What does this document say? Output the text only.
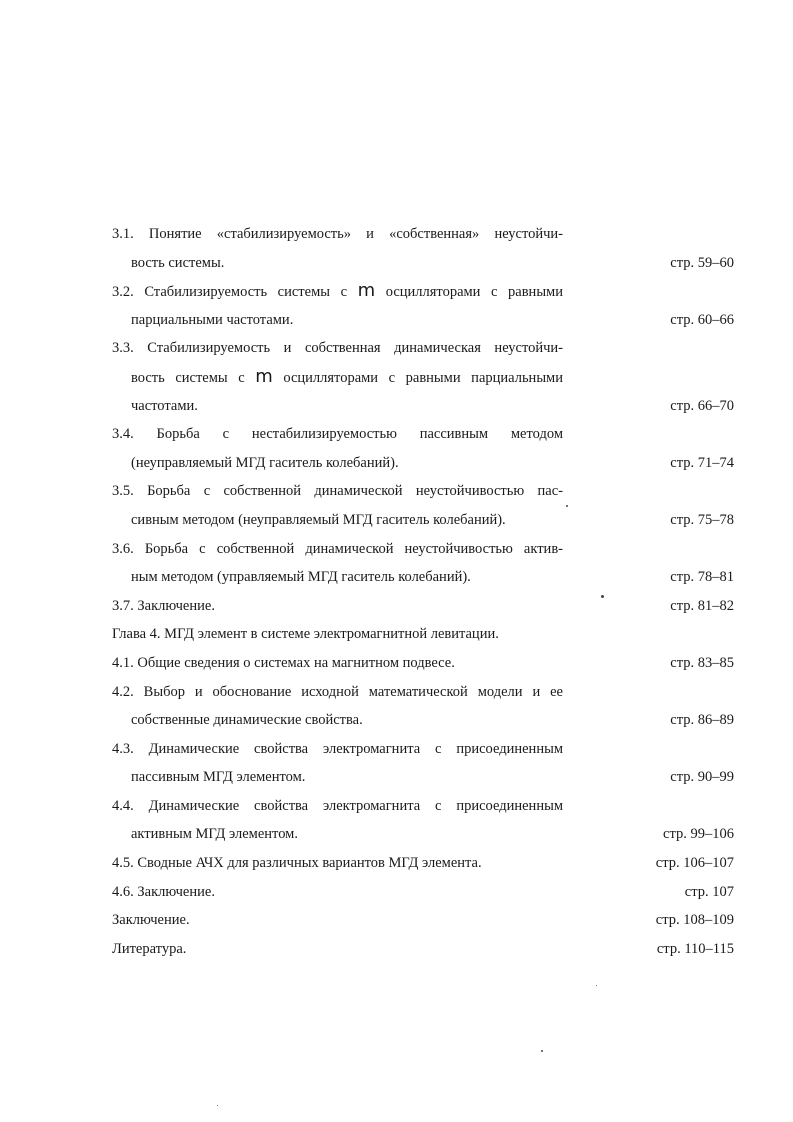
3.1. Понятие «стабилизируемость» и «собственная» неустойчи-
вость системы.	стр. 59–60
3.2. Стабилизируемость системы с m осцилляторами с равными
парциальными частотами.	стр. 60–66
3.3. Стабилизируемость и собственная динамическая неустойчи-
вость системы с m осцилляторами с равными парциальными
частотами.	стр. 66–70
3.4. Борьба с нестабилизируемостью пассивным методом
(неуправляемый МГД гаситель колебаний).	стр. 71–74
3.5. Борьба с собственной динамической неустойчивостью пас-
сивным методом (неуправляемый МГД гаситель колебаний).	стр. 75–78
3.6. Борьба с собственной динамической неустойчивостью актив-
ным методом (управляемый МГД гаситель колебаний).	стр. 78–81
3.7. Заключение.	стр. 81–82
Глава 4. МГД элемент в системе электромагнитной левитации.
4.1. Общие сведения о системах на магнитном подвесе.	стр. 83–85
4.2. Выбор и обоснование исходной математической модели и ее
собственные динамические свойства.	стр. 86–89
4.3. Динамические свойства электромагнита с присоединенным
пассивным МГД элементом.	стр. 90–99
4.4. Динамические свойства электромагнита с присоединенным
активным МГД элементом.	стр. 99–106
4.5. Сводные АЧХ для различных вариантов МГД элемента.	стр. 106–107
4.6. Заключение.	стр. 107
Заключение.	стр. 108–109
Литература.	стр. 110–115
